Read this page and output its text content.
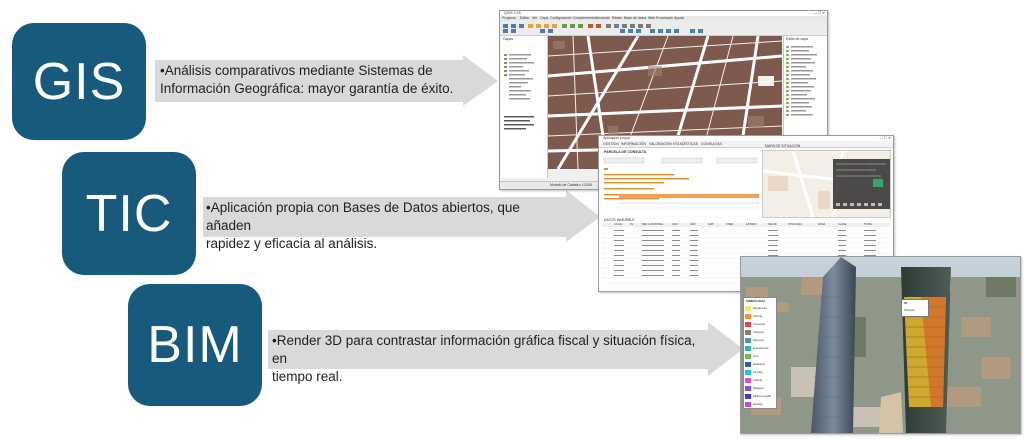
GIS
TIC
BIM
•Análisis comparativos mediante Sistemas de
Información Geográfica: mayor garantía de éxito.
•Aplicación propia con Bases de Datos abiertos, que añaden
rapidez y eficacia al análisis.
•Render 3D para contrastar información gráfica fiscal y situación física, en
tiempo real.
QGIS 2.18	— ☐ ✕
Proyecto Editar Ver Capa Configuración Complementos Vectorial Ráster Base de datos Web Procesado Ayuda
Capas	Estilo de capa
Modelo de Catastro 1:2000
Aplicación propia	— ☐ ✕
GESTIÓN INFORMACIÓN VALORACIÓN ESTADÍSTICAS CONSULTAS
PARCELA DE CONSULTA
MAPA DE SITUACIÓN
DATOS INMUEBLE
LOCAL	PL	REF. CATASTRAL	USO	AÑO	SUP.	COEF.	ESTADO	VALOR	TIPOLOGÍA	ZONA	CLASE	TOTAL
SIMBOLOGÍA
Residencial
Oficinas
Comercial
Industrial
Deportivo
Espectáculos
Ocio
Hostelería
Sanidad
Cultural
Religioso
Edificio singular
Almacén
ID
Oficinas
